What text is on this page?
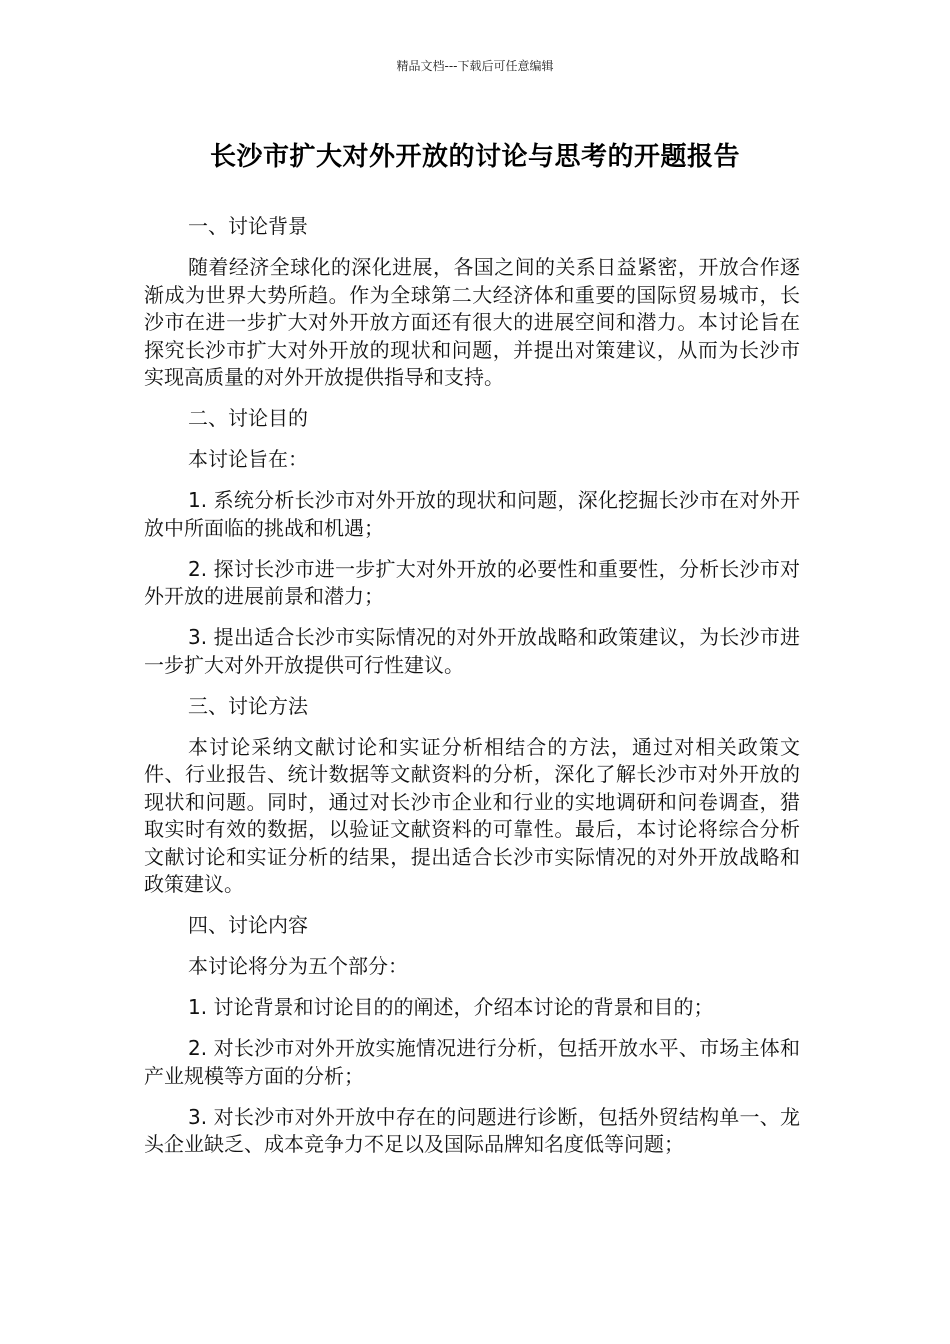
精品文档---下载后可任意编辑
长沙市扩大对外开放的讨论与思考的开题报告

一、讨论背景

随着经济全球化的深化进展，各国之间的关系日益紧密，开放合作逐渐成为世界大势所趋。作为全球第二大经济体和重要的国际贸易城市，长沙市在进一步扩大对外开放方面还有很大的进展空间和潜力。本讨论旨在探究长沙市扩大对外开放的现状和问题，并提出对策建议，从而为长沙市实现高质量的对外开放提供指导和支持。

二、讨论目的

本讨论旨在：

1. 系统分析长沙市对外开放的现状和问题，深化挖掘长沙市在对外开放中所面临的挑战和机遇；

2. 探讨长沙市进一步扩大对外开放的必要性和重要性，分析长沙市对外开放的进展前景和潜力；

3. 提出适合长沙市实际情况的对外开放战略和政策建议，为长沙市进一步扩大对外开放提供可行性建议。

三、讨论方法

本讨论采纳文献讨论和实证分析相结合的方法，通过对相关政策文件、行业报告、统计数据等文献资料的分析，深化了解长沙市对外开放的现状和问题。同时，通过对长沙市企业和行业的实地调研和问卷调查，猎取实时有效的数据，以验证文献资料的可靠性。最后，本讨论将综合分析文献讨论和实证分析的结果，提出适合长沙市实际情况的对外开放战略和政策建议。

四、讨论内容

本讨论将分为五个部分：

1. 讨论背景和讨论目的的阐述，介绍本讨论的背景和目的；

2. 对长沙市对外开放实施情况进行分析，包括开放水平、市场主体和产业规模等方面的分析；

3. 对长沙市对外开放中存在的问题进行诊断，包括外贸结构单一、龙头企业缺乏、成本竞争力不足以及国际品牌知名度低等问题；
